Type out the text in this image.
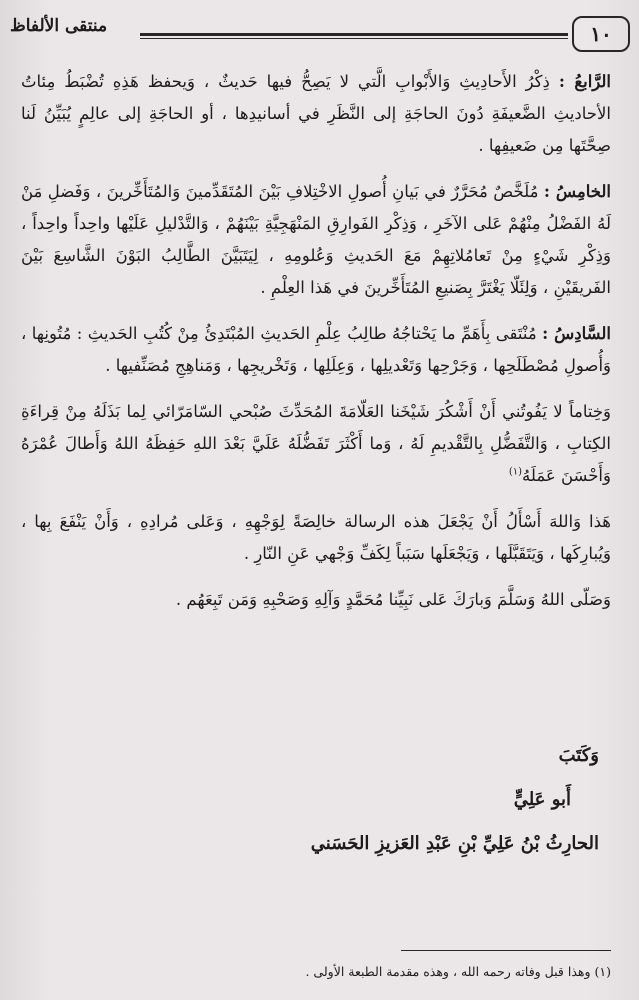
١٠
منتقى الألفاظ

الرَّابعُ : ذِكْرُ الأَحادِيثِ وَالأَبْوابِ الَّتي لا يَصِحُّ فيها حَديثٌ ، وَيحفظ هَذِهِ تُضْبَطُ مِئاتُ الأحاديثِ الضَّعيفَةِ دُونَ الحاجَةِ إلى النَّظَرِ في أسانيدِها ، أو الحاجَةِ إلى عالِمٍ يُبَيِّنُ لَنا صِحَّتَها مِن ضَعيفِها .

الخامِسُ : مُلَخَّصٌ مُحَرَّرٌ في بَيانِ أُصولِ الاخْتِلافِ بَيْنَ المُتَقَدِّمينَ وَالمُتَأَخِّرينَ ، وَفَضلِ مَنْ لَهُ الفَضْلُ مِنْهُمْ عَلى الآخَرِ ، وَذِكْرِ الفَوارِقِ المَنْهَجِيَّةِ بَيْنَهُمْ ، وَالتَّدْليلِ عَلَيْها واحِداً واحِداً ، وَذِكْرِ شَيْءٍ مِنْ تَعامُلاتِهِمْ مَعَ الحَديثِ وَعُلومِهِ ، لِيَتَبَيَّنَ الطَّالِبُ البَوْنَ الشَّاسِعَ بَيْنَ الفَريقَيْنِ ، وَلِئَلّا يَغْتَرَّ بِصَنيعِ المُتَأَخِّرينَ في هَذا العِلْمِ .

السَّادِسُ : مُنْتَقى بِأَهَمِّ ما يَحْتاجُهُ طالِبُ عِلْمِ الحَديثِ المُبْتَدِئُ مِنْ كُتُبِ الحَديثِ : مُتُونِها ، وَأُصولِ مُصْطَلَحِها ، وَجَرْحِها وَتَعْديلِها ، وَعِلَلِها ، وَتَخْريجِها ، وَمَناهِجِ مُصَنِّفيها .

وَخِتاماً لا يَفُوتُني أَنْ أَشْكُرَ شَيْخَنا العَلّامَةَ المُحَدِّثَ صُبْحي السّامَرّائي لِما بَذَلَهُ مِنْ قِراءَةِ الكِتابِ ، وَالتَّفَضُّلِ بِالتَّقْديمِ لَهُ ، وَما أَكْثَرَ تَفَضُّلَهُ عَلَيَّ بَعْدَ اللهِ حَفِظَهُ اللهُ وَأَطالَ عُمْرَهُ وَأَحْسَنَ عَمَلَهُ$^{(١)}$

هَذا وَاللهَ أَسْأَلُ أَنْ يَجْعَلَ هذه الرسالة خالِصَةً لِوَجْهِهِ ، وَعَلى مُرادِهِ ، وَأَنْ يَنْفَعَ بِها ، وَيُبارِكَها ، وَيَتَقَبَّلَها ، وَيَجْعَلَها سَبَباً لِكَفِّ وَجْهي عَنِ النّارِ .

وَصَلّى اللهُ وَسَلَّمَ وَبارَكَ عَلى نَبِيِّنا مُحَمَّدٍ وَآلِهِ وَصَحْبِهِ وَمَن تَبِعَهُم .

وَكَتَبَ
أَبو عَلِيٍّ
الحارِثُ بْنُ عَلِيِّ بْنِ عَبْدِ العَزيزِ الحَسَني
(١) وهذا قبل وفاته رحمه الله ، وهذه مقدمة الطبعة الأولى .
